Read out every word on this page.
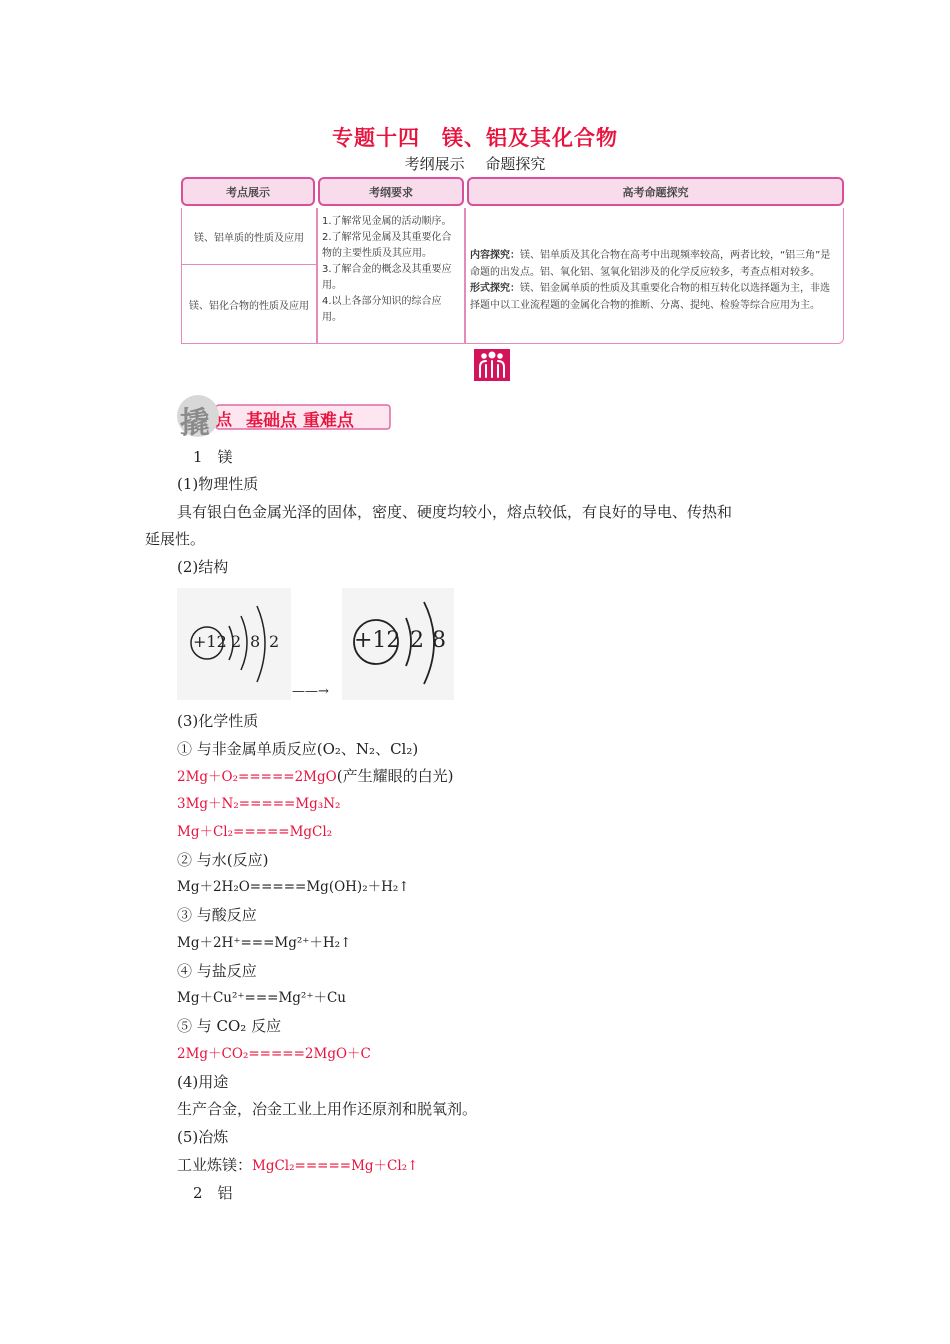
专题十四　镁、铝及其化合物
考纲展示 命题探究
考点展示	考纲要求	高考命题探究
镁、铝单质的性质及应用
镁、铝化合物的性质及应用
1.了解常见金属的活动顺序。
2.了解常见金属及其重要化合物的主要性质及其应用。
3.了解合金的概念及其重要应用。
4.以上各部分知识的综合应用。

内容探究：镁、铝单质及其化合物在高考中出现频率较高，两者比较，“铝三角”是命题的出发点。铝、氧化铝、氢氧化铝涉及的化学反应较多，考查点相对较多。

形式探究：镁、铝金属单质的性质及其重要化合物的相互转化以选择题为主，非选择题中以工业流程题的金属化合物的推断、分离、提纯、检验等综合应用为主。

撬 点 基础点 重难点
1　镁
(1)物理性质
具有银白色金属光泽的固体，密度、硬度均较小，熔点较低，有良好的导电、传热和
延展性。
(2)结构
+12 2 8 2
——→
+12 2 8
(3)化学性质
① 与非金属单质反应(O₂、N₂、Cl₂)
2Mg＋O₂=====2MgO(产生耀眼的白光)
3Mg＋N₂=====Mg₃N₂
Mg＋Cl₂=====MgCl₂
② 与水(反应)
Mg＋2H₂O=====Mg(OH)₂＋H₂↑
③ 与酸反应
Mg＋2H⁺===Mg²⁺＋H₂↑
④ 与盐反应
Mg＋Cu²⁺===Mg²⁺＋Cu
⑤ 与 CO₂ 反应
2Mg＋CO₂=====2MgO＋C
(4)用途
生产合金，冶金工业上用作还原剂和脱氧剂。
(5)冶炼
工业炼镁：MgCl₂=====Mg＋Cl₂↑
2　铝
